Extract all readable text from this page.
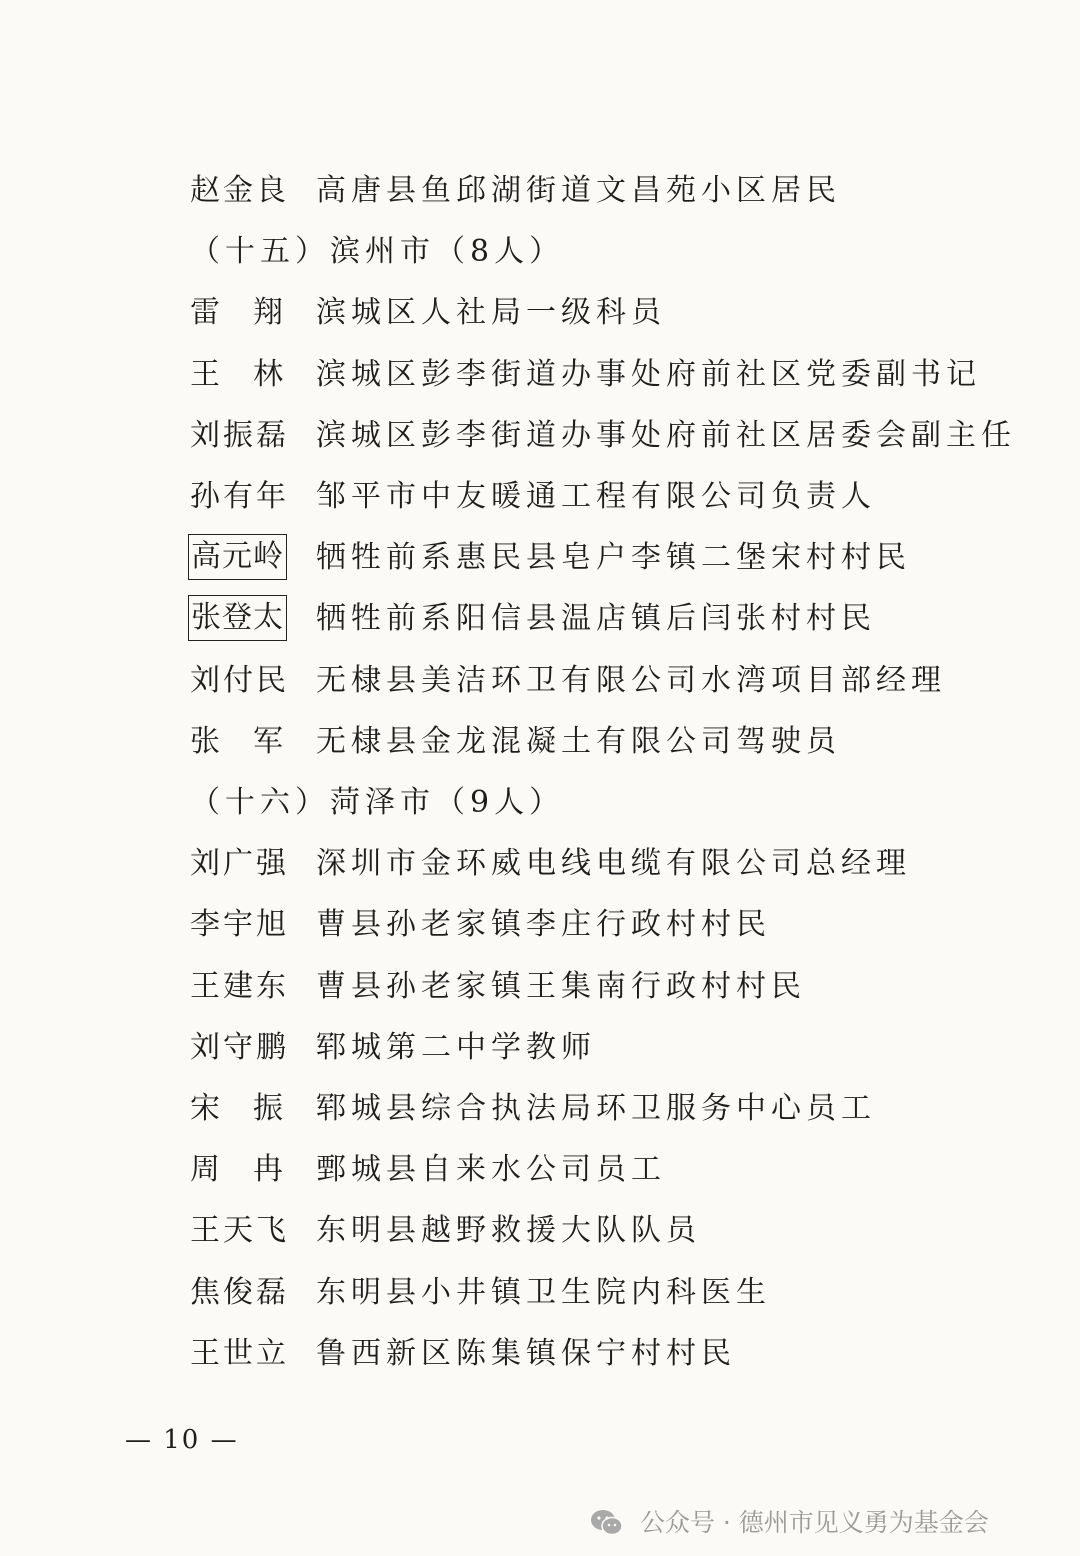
赵金良 高唐县鱼邱湖街道文昌苑小区居民
（十五）滨州市（8人）
雷翔 滨城区人社局一级科员
王林 滨城区彭李街道办事处府前社区党委副书记
刘振磊 滨城区彭李街道办事处府前社区居委会副主任
孙有年 邹平市中友暖通工程有限公司负责人
高元岭 牺牲前系惠民县皂户李镇二堡宋村村民
张登太 牺牲前系阳信县温店镇后闫张村村民
刘付民 无棣县美洁环卫有限公司水湾项目部经理
张军 无棣县金龙混凝土有限公司驾驶员
（十六）菏泽市（9人）
刘广强 深圳市金环威电线电缆有限公司总经理
李宇旭 曹县孙老家镇李庄行政村村民
王建东 曹县孙老家镇王集南行政村村民
刘守鹏 郓城第二中学教师
宋振 郓城县综合执法局环卫服务中心员工
周冉 鄄城县自来水公司员工
王天飞 东明县越野救援大队队员
焦俊磊 东明县小井镇卫生院内科医生
王世立 鲁西新区陈集镇保宁村村民
— 10 —
公众号 · 德州市见义勇为基金会
